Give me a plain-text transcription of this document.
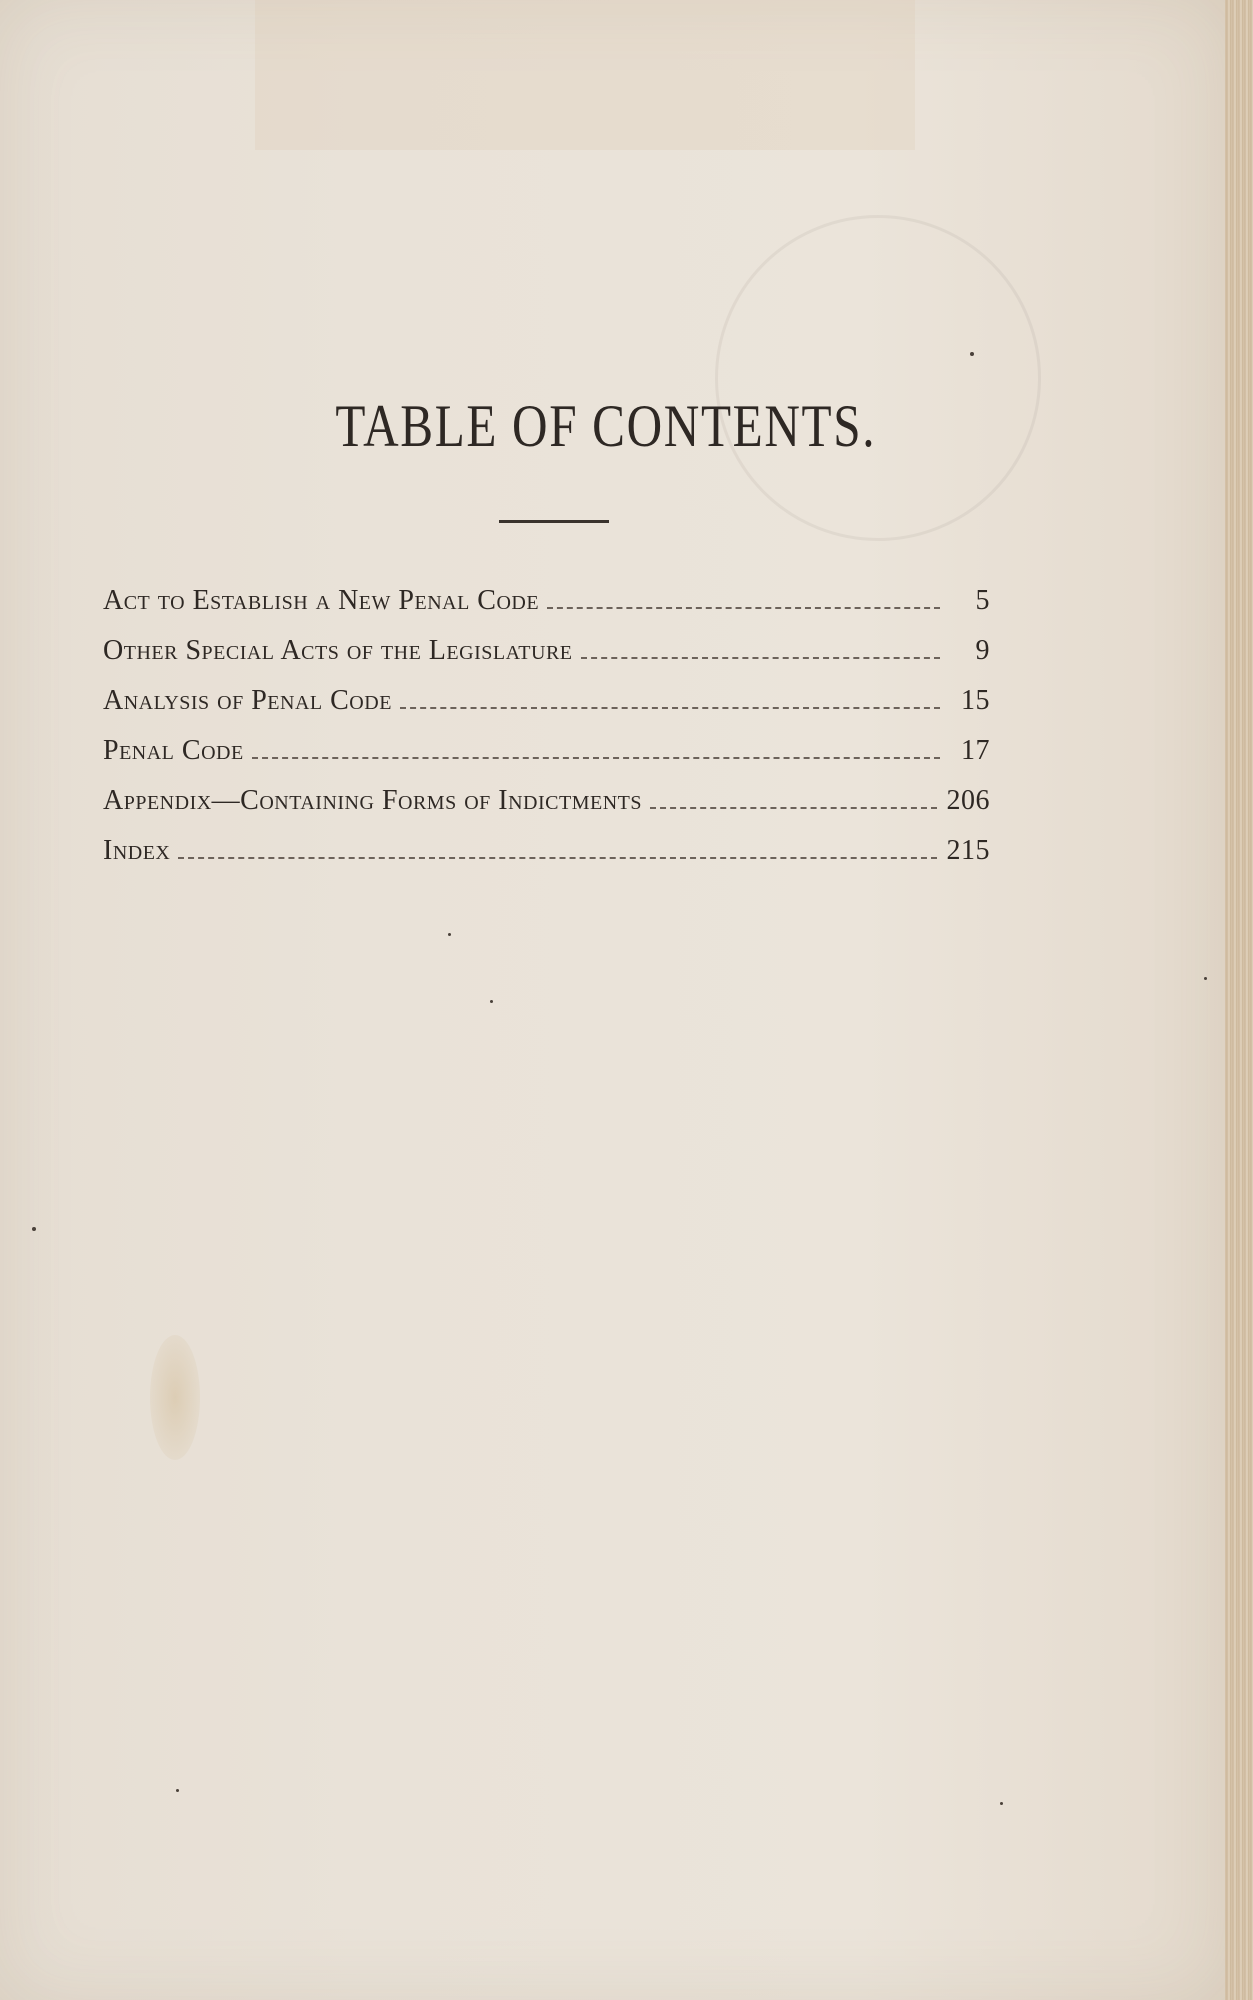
TABLE OF CONTENTS.
Act to Establish a New Penal Code	5
Other Special Acts of the Legislature	9
Analysis of Penal Code	15
Penal Code	17
Appendix—Containing Forms of Indictments	206
Index	215
